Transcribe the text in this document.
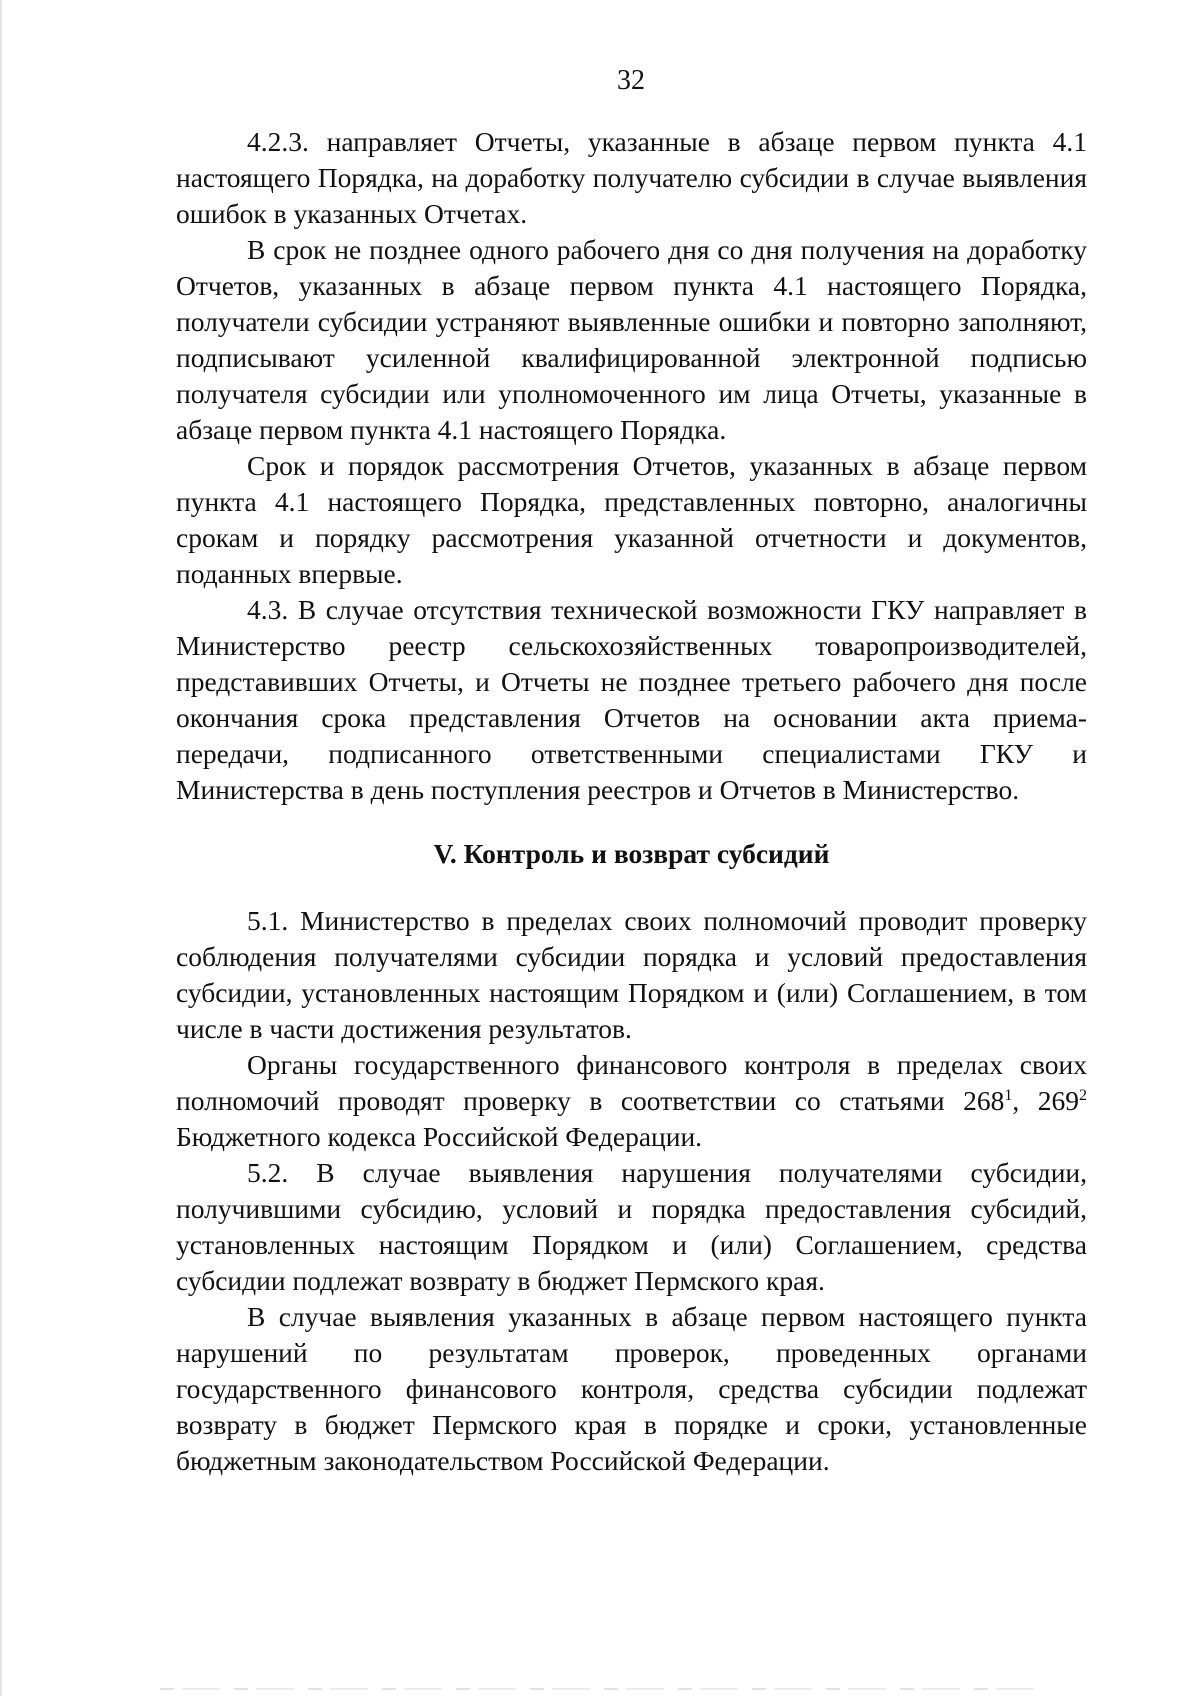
32

4.2.3. направляет Отчеты, указанные в абзаце первом пункта 4.1 настоящего Порядка, на доработку получателю субсидии в случае выявления ошибок в указанных Отчетах.

В срок не позднее одного рабочего дня со дня получения на доработку Отчетов, указанных в абзаце первом пункта 4.1 настоящего Порядка, получатели субсидии устраняют выявленные ошибки и повторно заполняют, подписывают усиленной квалифицированной электронной подписью получателя субсидии или уполномоченного им лица Отчеты, указанные в абзаце первом пункта 4.1 настоящего Порядка.

Срок и порядок рассмотрения Отчетов, указанных в абзаце первом пункта 4.1 настоящего Порядка, представленных повторно, аналогичны срокам и порядку рассмотрения указанной отчетности и документов, поданных впервые.

4.3. В случае отсутствия технической возможности ГКУ направляет в Министерство реестр сельскохозяйственных товаропроизводителей, представивших Отчеты, и Отчеты не позднее третьего рабочего дня после окончания срока представления Отчетов на основании акта приема-передачи, подписанного ответственными специалистами ГКУ и Министерства в день поступления реестров и Отчетов в Министерство.

V. Контроль и возврат субсидий

5.1. Министерство в пределах своих полномочий проводит проверку соблюдения получателями субсидии порядка и условий предоставления субсидии, установленных настоящим Порядком и (или) Соглашением, в том числе в части достижения результатов.

Органы государственного финансового контроля в пределах своих полномочий проводят проверку в соответствии со статьями $268^1$, $269^2$ Бюджетного кодекса Российской Федерации.

5.2. В случае выявления нарушения получателями субсидии, получившими субсидию, условий и порядка предоставления субсидий, установленных настоящим Порядком и (или) Соглашением, средства субсидии подлежат возврату в бюджет Пермского края.

В случае выявления указанных в абзаце первом настоящего пункта нарушений по результатам проверок, проведенных органами государственного финансового контроля, средства субсидии подлежат возврату в бюджет Пермского края в порядке и сроки, установленные бюджетным законодательством Российской Федерации.
